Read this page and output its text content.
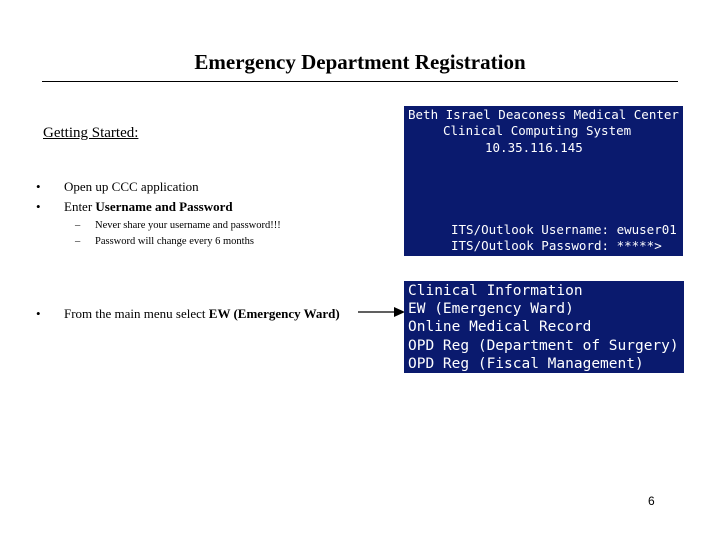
Emergency Department Registration
Getting Started:
• Open up CCC application
• Enter Username and Password
– Never share your username and password!!!
– Password will change every 6 months
• From the main menu select EW (Emergency Ward)
Beth Israel Deaconess Medical Center
Clinical Computing System
10.35.116.145
ITS/Outlook Username: ewuser01
ITS/Outlook Password: *****>
Clinical Information
EW (Emergency Ward)
Online Medical Record
OPD Reg (Department of Surgery)
OPD Reg (Fiscal Management)
6
